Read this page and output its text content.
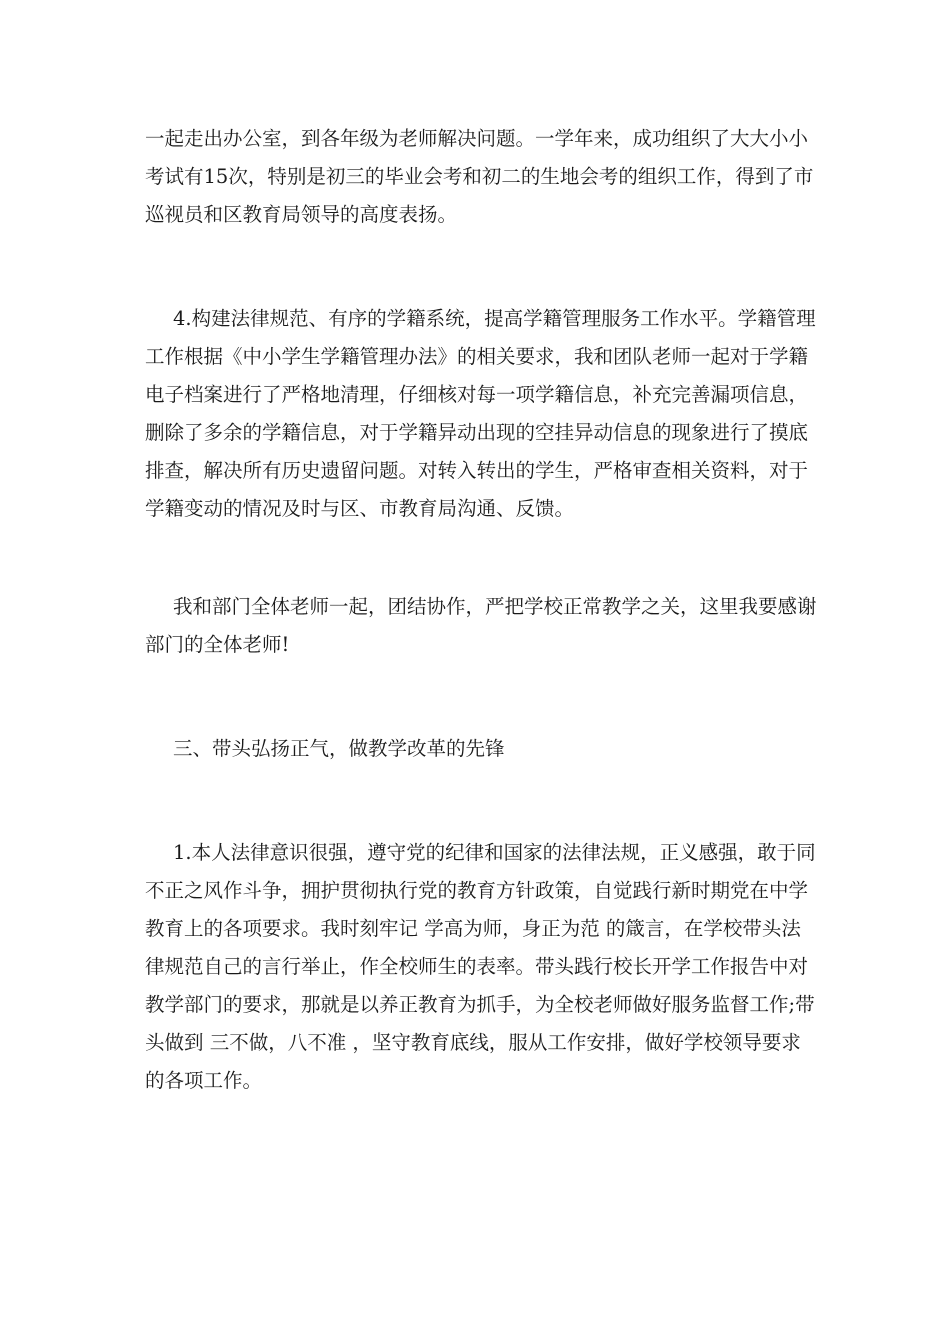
一起走出办公室，到各年级为老师解决问题。一学年来，成功组织了大大小小
考试有15次，特别是初三的毕业会考和初二的生地会考的组织工作，得到了市
巡视员和区教育局领导的高度表扬。
4.构建法律规范、有序的学籍系统，提高学籍管理服务工作水平。学籍管理
工作根据《中小学生学籍管理办法》的相关要求，我和团队老师一起对于学籍
电子档案进行了严格地清理，仔细核对每一项学籍信息，补充完善漏项信息，
删除了多余的学籍信息，对于学籍异动出现的空挂异动信息的现象进行了摸底
排查，解决所有历史遗留问题。对转入转出的学生，严格审查相关资料，对于
学籍变动的情况及时与区、市教育局沟通、反馈。
我和部门全体老师一起，团结协作，严把学校正常教学之关，这里我要感谢
部门的全体老师!
三、带头弘扬正气，做教学改革的先锋
1.本人法律意识很强，遵守党的纪律和国家的法律法规，正义感强，敢于同
不正之风作斗争，拥护贯彻执行党的教育方针政策，自觉践行新时期党在中学
教育上的各项要求。我时刻牢记 学高为师，身正为范 的箴言，在学校带头法
律规范自己的言行举止，作全校师生的表率。带头践行校长开学工作报告中对
教学部门的要求，那就是以养正教育为抓手，为全校老师做好服务监督工作;带
头做到 三不做，八不准 ，坚守教育底线，服从工作安排，做好学校领导要求
的各项工作。
